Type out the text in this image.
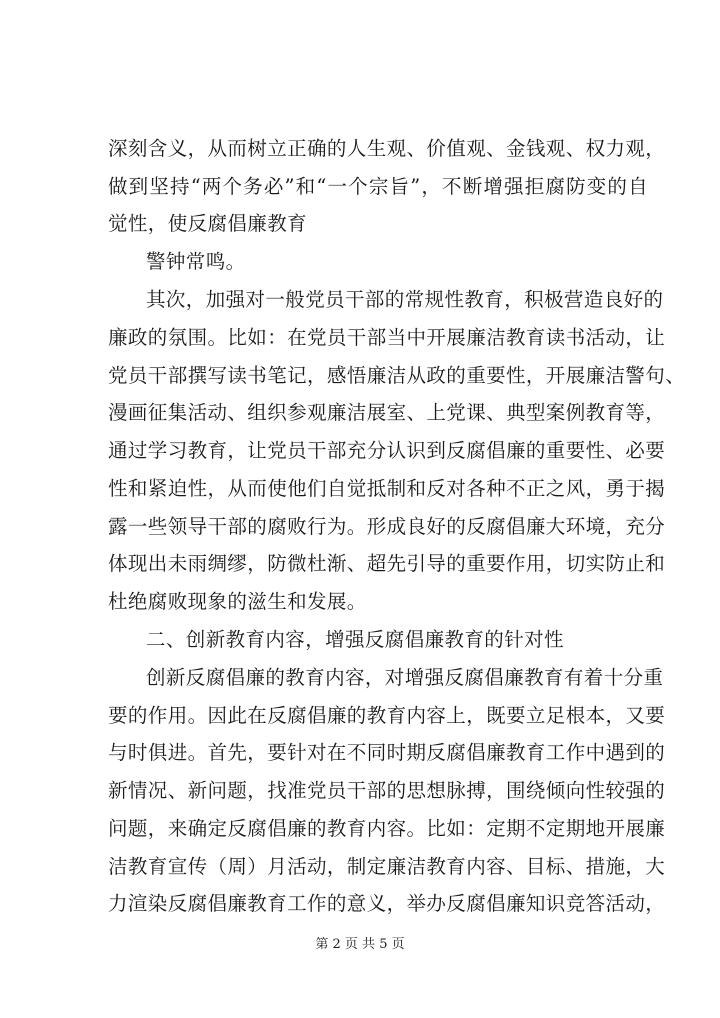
深刻含义，从而树立正确的人生观、价值观、金钱观、权力观，
做到坚持“两个务必”和“一个宗旨”，不断增强拒腐防变的自
觉性，使反腐倡廉教育
警钟常鸣。
其次，加强对一般党员干部的常规性教育，积极营造良好的
廉政的氛围。比如：在党员干部当中开展廉洁教育读书活动，让
党员干部撰写读书笔记，感悟廉洁从政的重要性，开展廉洁警句、
漫画征集活动、组织参观廉洁展室、上党课、典型案例教育等，
通过学习教育，让党员干部充分认识到反腐倡廉的重要性、必要
性和紧迫性，从而使他们自觉抵制和反对各种不正之风，勇于揭
露一些领导干部的腐败行为。形成良好的反腐倡廉大环境，充分
体现出未雨绸缪，防微杜渐、超先引导的重要作用，切实防止和
杜绝腐败现象的滋生和发展。
二、创新教育内容，增强反腐倡廉教育的针对性
创新反腐倡廉的教育内容，对增强反腐倡廉教育有着十分重
要的作用。因此在反腐倡廉的教育内容上，既要立足根本，又要
与时俱进。首先，要针对在不同时期反腐倡廉教育工作中遇到的
新情况、新问题，找准党员干部的思想脉搏，围绕倾向性较强的
问题，来确定反腐倡廉的教育内容。比如：定期不定期地开展廉
洁教育宣传（周）月活动，制定廉洁教育内容、目标、措施，大
力渲染反腐倡廉教育工作的意义，举办反腐倡廉知识竞答活动，
第 2 页 共 5 页
